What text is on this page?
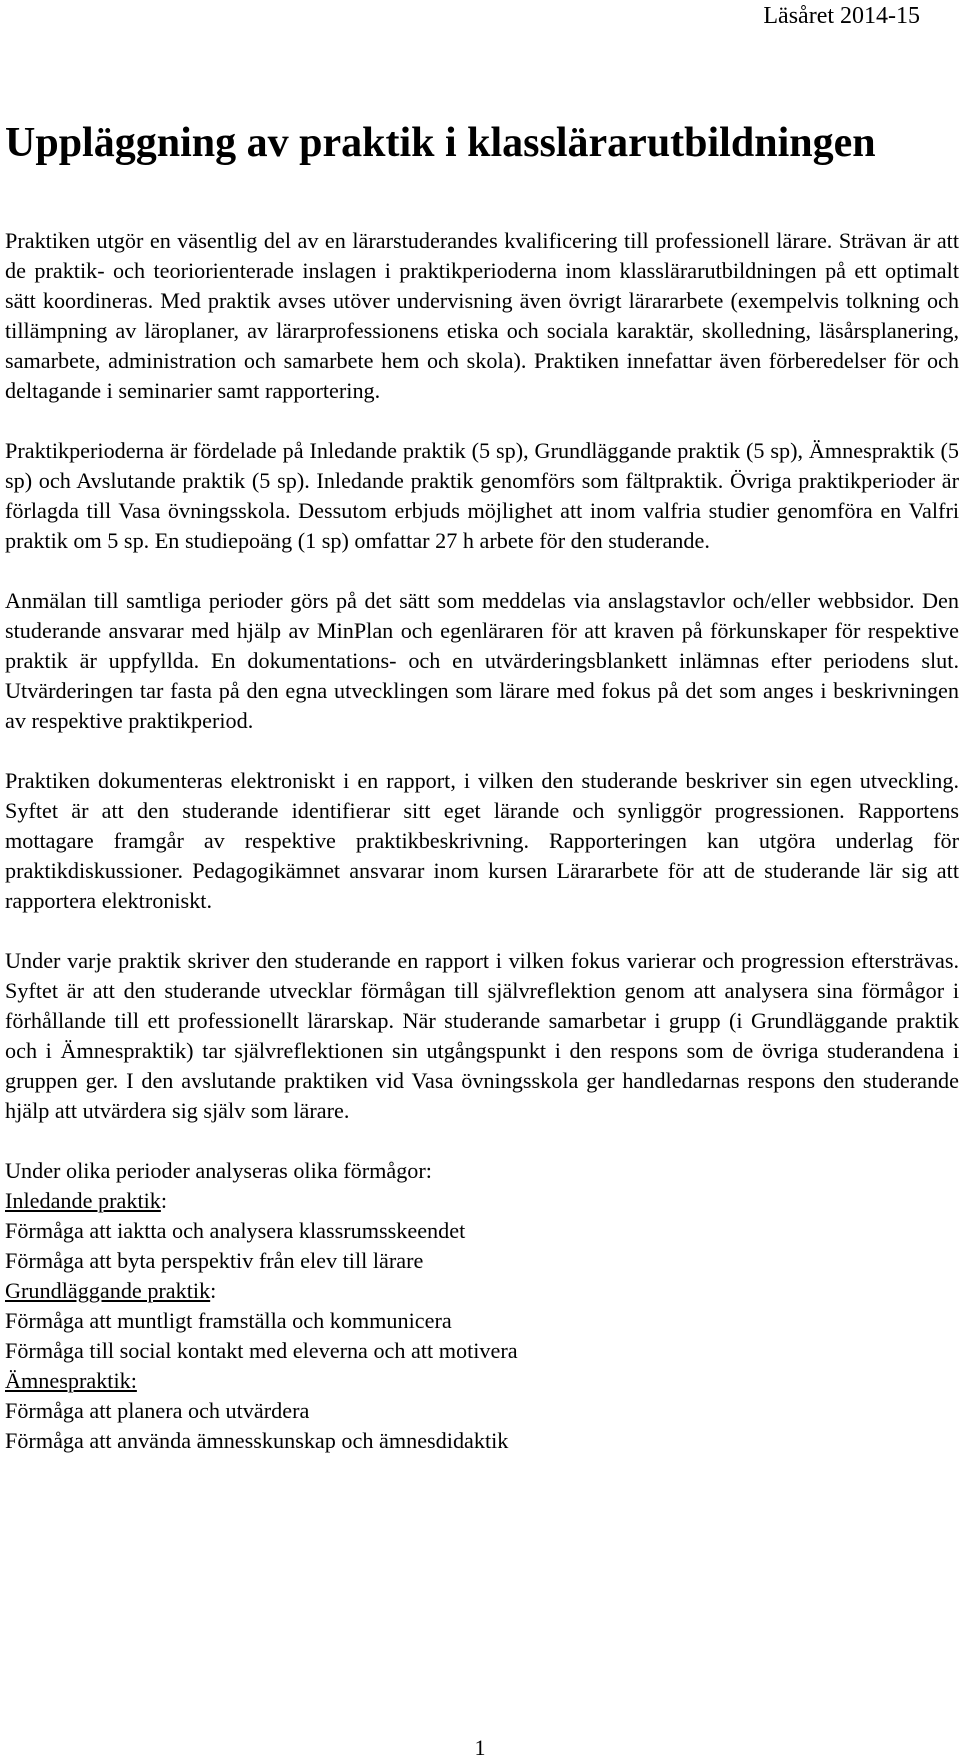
Läsåret 2014-15
Uppläggning av praktik i klasslärarutbildningen

Praktiken utgör en väsentlig del av en lärarstuderandes kvalificering till professionell lärare. Strävan är att de praktik- och teoriorienterade inslagen i praktikperioderna inom klasslärarutbildningen på ett optimalt sätt koordineras. Med praktik avses utöver undervisning även övrigt lärararbete (exempelvis tolkning och tillämpning av läroplaner, av lärarprofessionens etiska och sociala karaktär, skolledning, läsårsplanering, samarbete, administration och samarbete hem och skola). Praktiken innefattar även förberedelser för och deltagande i seminarier samt rapportering.

Praktikperioderna är fördelade på Inledande praktik (5 sp), Grundläggande praktik (5 sp), Ämnespraktik (5 sp) och Avslutande praktik (5 sp). Inledande praktik genomförs som fältpraktik. Övriga praktikperioder är förlagda till Vasa övningsskola. Dessutom erbjuds möjlighet att inom valfria studier genomföra en Valfri praktik om 5 sp. En studiepoäng (1 sp) omfattar 27 h arbete för den studerande.

Anmälan till samtliga perioder görs på det sätt som meddelas via anslagstavlor och/eller webbsidor. Den studerande ansvarar med hjälp av MinPlan och egenläraren för att kraven på förkunskaper för respektive praktik är uppfyllda. En dokumentations- och en utvärderingsblankett inlämnas efter periodens slut. Utvärderingen tar fasta på den egna utvecklingen som lärare med fokus på det som anges i beskrivningen av respektive praktikperiod.

Praktiken dokumenteras elektroniskt i en rapport, i vilken den studerande beskriver sin egen utveckling. Syftet är att den studerande identifierar sitt eget lärande och synliggör progressionen. Rapportens mottagare framgår av respektive praktikbeskrivning. Rapporteringen kan utgöra underlag för praktikdiskussioner. Pedagogikämnet ansvarar inom kursen Lärararbete för att de studerande lär sig att rapportera elektroniskt.

Under varje praktik skriver den studerande en rapport i vilken fokus varierar och progression eftersträvas. Syftet är att den studerande utvecklar förmågan till självreflektion genom att analysera sina förmågor i förhållande till ett professionellt lärarskap. När studerande samarbetar i grupp (i Grundläggande praktik och i Ämnespraktik) tar självreflektionen sin utgångspunkt i den respons som de övriga studerandena i gruppen ger. I den avslutande praktiken vid Vasa övningsskola ger handledarnas respons den studerande hjälp att utvärdera sig själv som lärare.

Under olika perioder analyseras olika förmågor:
Inledande praktik:
Förmåga att iaktta och analysera klassrumsskeendet
Förmåga att byta perspektiv från elev till lärare
Grundläggande praktik:
Förmåga att muntligt framställa och kommunicera
Förmåga till social kontakt med eleverna och att motivera
Ämnespraktik:
Förmåga att planera och utvärdera
Förmåga att använda ämnesskunskap och ämnesdidaktik
1
